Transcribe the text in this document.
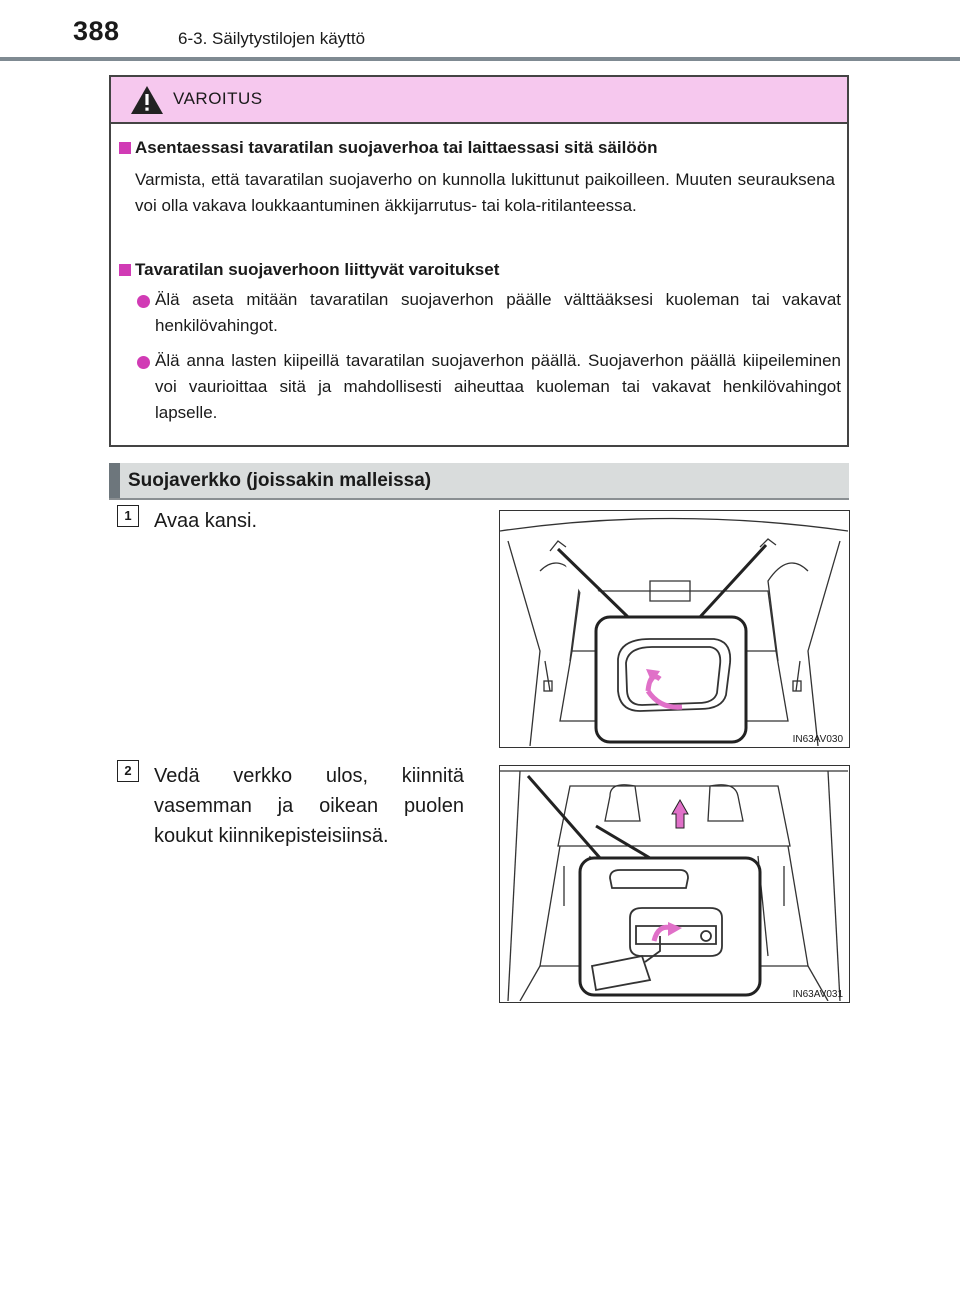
388	6-3. Säilytystilojen käyttö
VAROITUS
Asentaessasi tavaratilan suojaverhoa tai laittaessasi sitä säilöön
Varmista, että tavaratilan suojaverho on kunnolla lukittunut paikoilleen. Muuten seurauksena voi olla vakava loukkaantuminen äkkijarrutus- tai kola-ritilanteessa.
Tavaratilan suojaverhoon liittyvät varoitukset
Älä aseta mitään tavaratilan suojaverhon päälle välttääksesi kuoleman tai vakavat henkilövahingot.
Älä anna lasten kiipeillä tavaratilan suojaverhon päällä. Suojaverhon päällä kiipeileminen voi vaurioittaa sitä ja mahdollisesti aiheuttaa kuoleman tai vakavat henkilövahingot lapselle.
Suojaverkko (joissakin malleissa)
1	Avaa kansi.
IN63AV030
2	Vedä verkko ulos, kiinnitä vasemman ja oikean puolen koukut kiinnikepisteisiinsä.
IN63AV031
